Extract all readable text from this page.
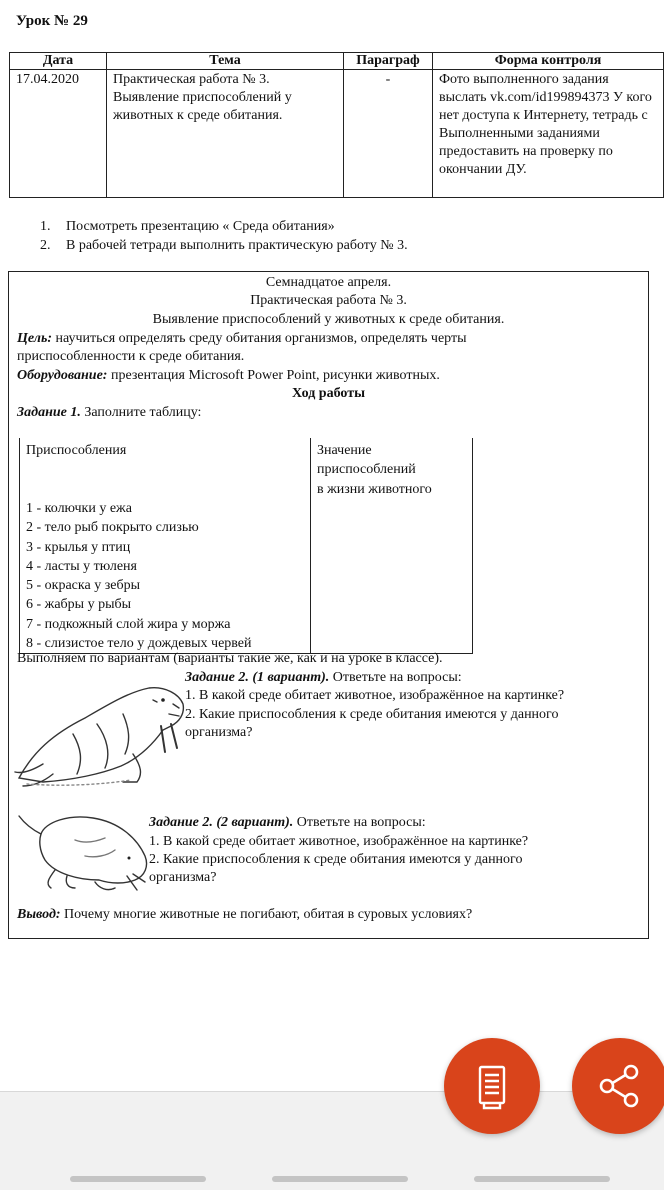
Урок № 29
Дата	Тема	Параграф	Форма контроля
17.04.2020	Практическая работа № 3. Выявление приспособлений у животных к среде обитания.	-	Фото выполненного задания выслать vk.com/id199894373 У кого нет доступа к Интернету, тетрадь с Выполненными заданиями предоставить на проверку по окончании ДУ.
1. Посмотреть презентацию « Среда обитания»
2. В рабочей тетради выполнить практическую работу № 3.
Семнадцатое апреля.
Практическая работа № 3.
Выявление приспособлений у животных к среде обитания.
Цель: научиться определять среду обитания организмов, определять черты
приспособленности к среде обитания.
Оборудование: презентация Microsoft Power Point, рисунки животных.
Ход работы
Задание 1. Заполните таблицу:
Приспособления	Значение
приспособлений
в жизни животного

1 - колючки у ежа	
2 - тело рыб покрыто слизью	
3 - крылья у птиц	
4 - ласты у тюленя	
5 - окраска у зебры	
6 - жабры у рыбы	
7 - подкожный слой жира у моржа	
8 - слизистое тело у дождевых червей	
Выполняем по вариантам (варианты такие же, как и на уроке в классе).
Задание 2. (1 вариант). Ответьте на вопросы:
1. В какой среде обитает животное, изображённое на картинке?
2. Какие приспособления к среде обитания имеются у данного
организма?
Задание 2. (2 вариант). Ответьте на вопросы:
1. В какой среде обитает животное, изображённое на картинке?
2. Какие приспособления к среде обитания имеются у данного
организма?
Вывод: Почему многие животные не погибают, обитая в суровых условиях?
